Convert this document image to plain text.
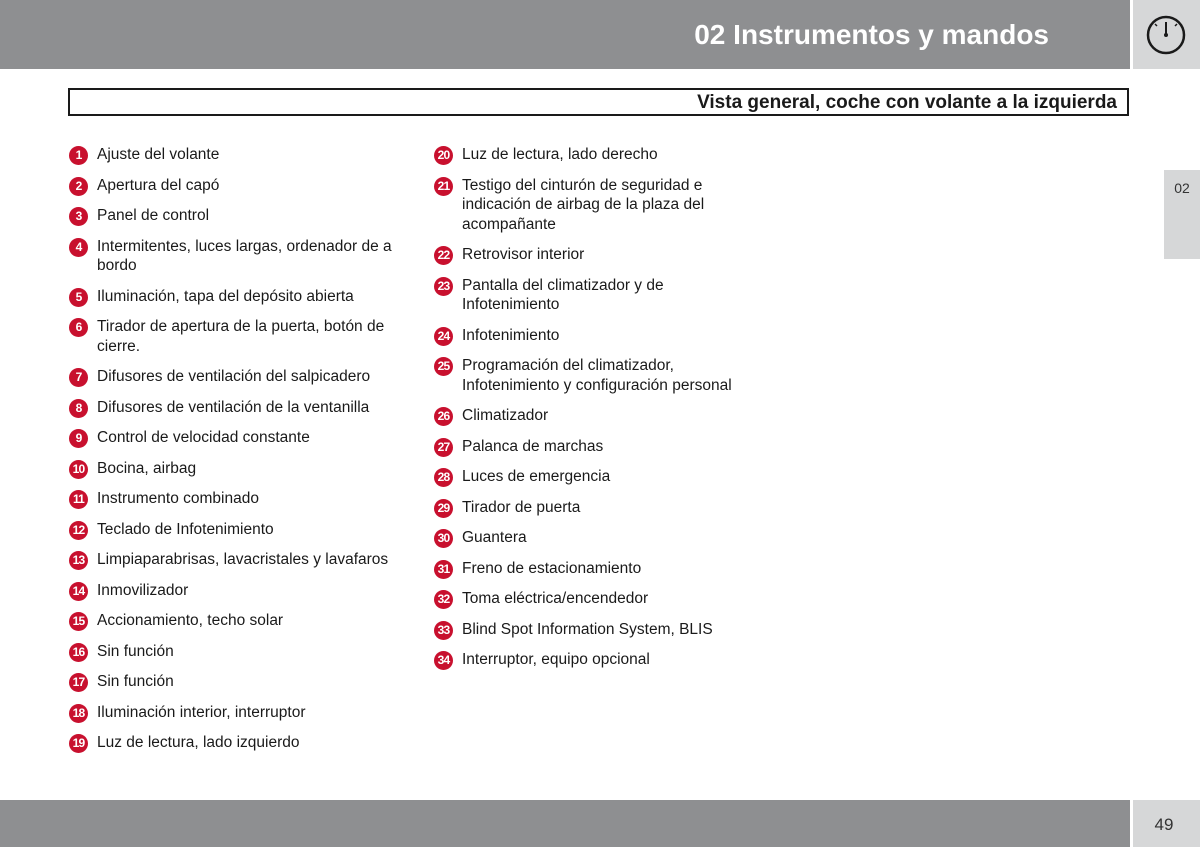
02 Instrumentos y mandos
Vista general, coche con volante a la izquierda
02
1	Ajuste del volante
2	Apertura del capó
3	Panel de control
4	Intermitentes, luces largas, ordenador de a bordo
5	Iluminación, tapa del depósito abierta
6	Tirador de apertura de la puerta, botón de cierre.
7	Difusores de ventilación del salpicadero
8	Difusores de ventilación de la ventanilla
9	Control de velocidad constante
10 Bocina, airbag
11 Instrumento combinado
12 Teclado de Infotenimiento
13 Limpiaparabrisas, lavacristales y lavafaros
14 Inmovilizador
15 Accionamiento, techo solar
16 Sin función
17 Sin función
18 Iluminación interior, interruptor
19 Luz de lectura, lado izquierdo
20 Luz de lectura, lado derecho
21 Testigo del cinturón de seguridad e indicación de airbag de la plaza del acompañante
22 Retrovisor interior
23 Pantalla del climatizador y de Infotenimiento
24 Infotenimiento
25 Programación del climatizador, Infotenimiento y configuración personal
26 Climatizador
27 Palanca de marchas
28 Luces de emergencia
29 Tirador de puerta
30 Guantera
31 Freno de estacionamiento
32 Toma eléctrica/encendedor
33 Blind Spot Information System, BLIS
34 Interruptor, equipo opcional
49
